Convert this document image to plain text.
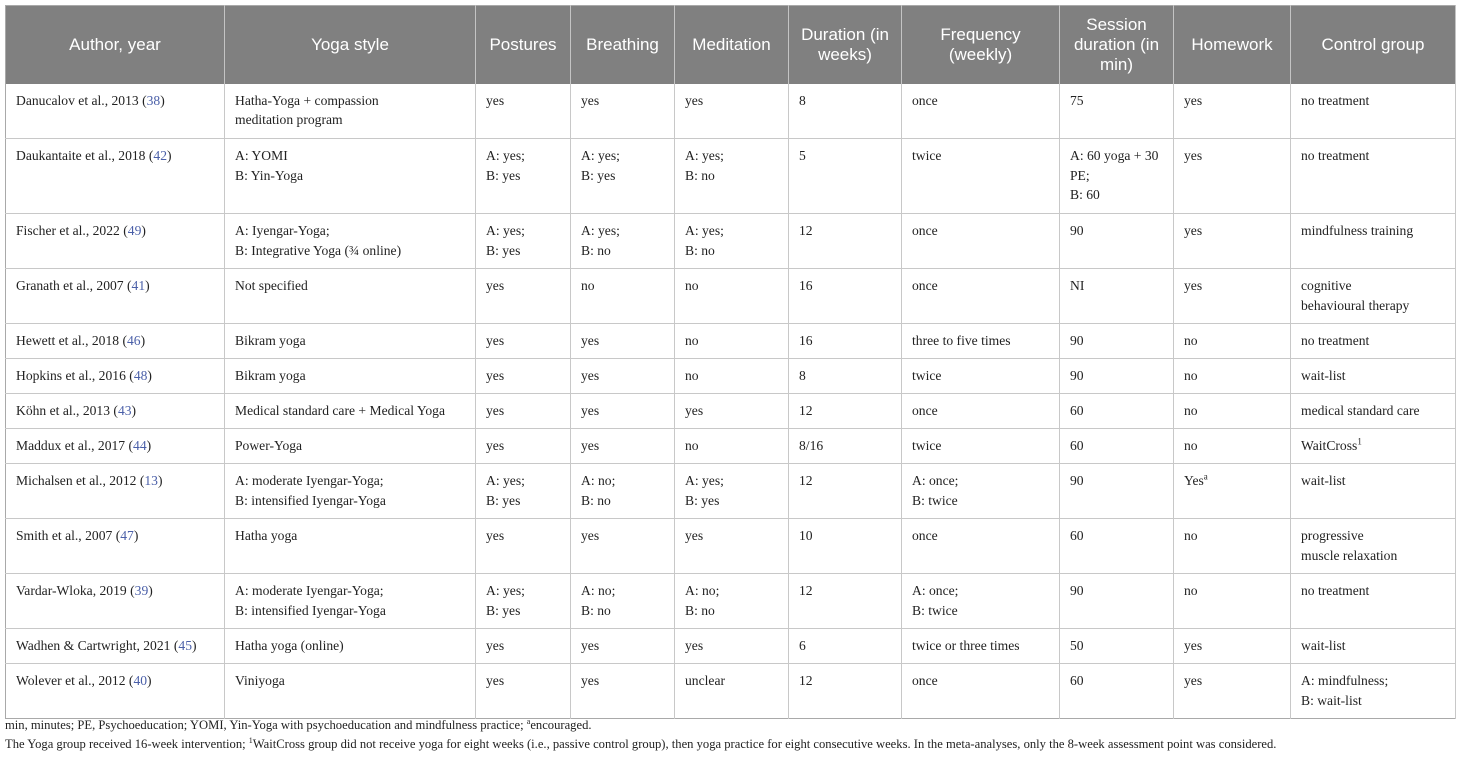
Author, year	Yoga style	Postures	Breathing	Meditation	Duration (in weeks)	Frequency (weekly)	Session duration (in min)	Homework	Control group
Danucalov et al., 2013 (38)	Hatha-Yoga + compassion
meditation program	yes	yes	yes	8	once	75	yes	no treatment

Daukantaite et al., 2018 (42)	A: YOMI
B: Yin-Yoga	A: yes;
B: yes	A: yes;
B: yes	A: yes;
B: no	5	twice	A: 60 yoga + 30
PE;
B: 60	yes	no treatment

Fischer et al., 2022 (49)	A: Iyengar-Yoga;
B: Integrative Yoga (¾ online)	A: yes;
B: yes	A: yes;
B: no	A: yes;
B: no	12	once	90	yes	mindfulness training

Granath et al., 2007 (41)	Not specified	yes	no	no	16	once	NI	yes	cognitive
behavioural therapy

Hewett et al., 2018 (46)	Bikram yoga	yes	yes	no	16	three to five times	90	no	no treatment

Hopkins et al., 2016 (48)	Bikram yoga	yes	yes	no	8	twice	90	no	wait-list

Köhn et al., 2013 (43)	Medical standard care + Medical Yoga	yes	yes	yes	12	once	60	no	medical standard care

Maddux et al., 2017 (44)	Power-Yoga	yes	yes	no	8/16	twice	60	no	WaitCross$^1$

Michalsen et al., 2012 (13)	A: moderate Iyengar-Yoga;
B: intensified Iyengar-Yoga	A: yes;
B: yes	A: no;
B: no	A: yes;
B: yes	12	A: once;
B: twice	90	Yes$^a$	wait-list

Smith et al., 2007 (47)	Hatha yoga	yes	yes	yes	10	once	60	no	progressive
muscle relaxation

Vardar-Wloka, 2019 (39)	A: moderate Iyengar-Yoga;
B: intensified Iyengar-Yoga	A: yes;
B: yes	A: no;
B: no	A: no;
B: no	12	A: once;
B: twice	90	no	no treatment

Wadhen & Cartwright, 2021 (45)	Hatha yoga (online)	yes	yes	yes	6	twice or three times	50	yes	wait-list

Wolever et al., 2012 (40)	Viniyoga	yes	yes	unclear	12	once	60	yes	A: mindfulness;
B: wait-list
min, minutes; PE, Psychoeducation; YOMI, Yin-Yoga with psychoeducation and mindfulness practice; $^a$encouraged.
The Yoga group received 16-week intervention; $^1$WaitCross group did not receive yoga for eight weeks (i.e., passive control group), then yoga practice for eight consecutive weeks. In the meta-analyses, only the 8-week assessment point was considered.
